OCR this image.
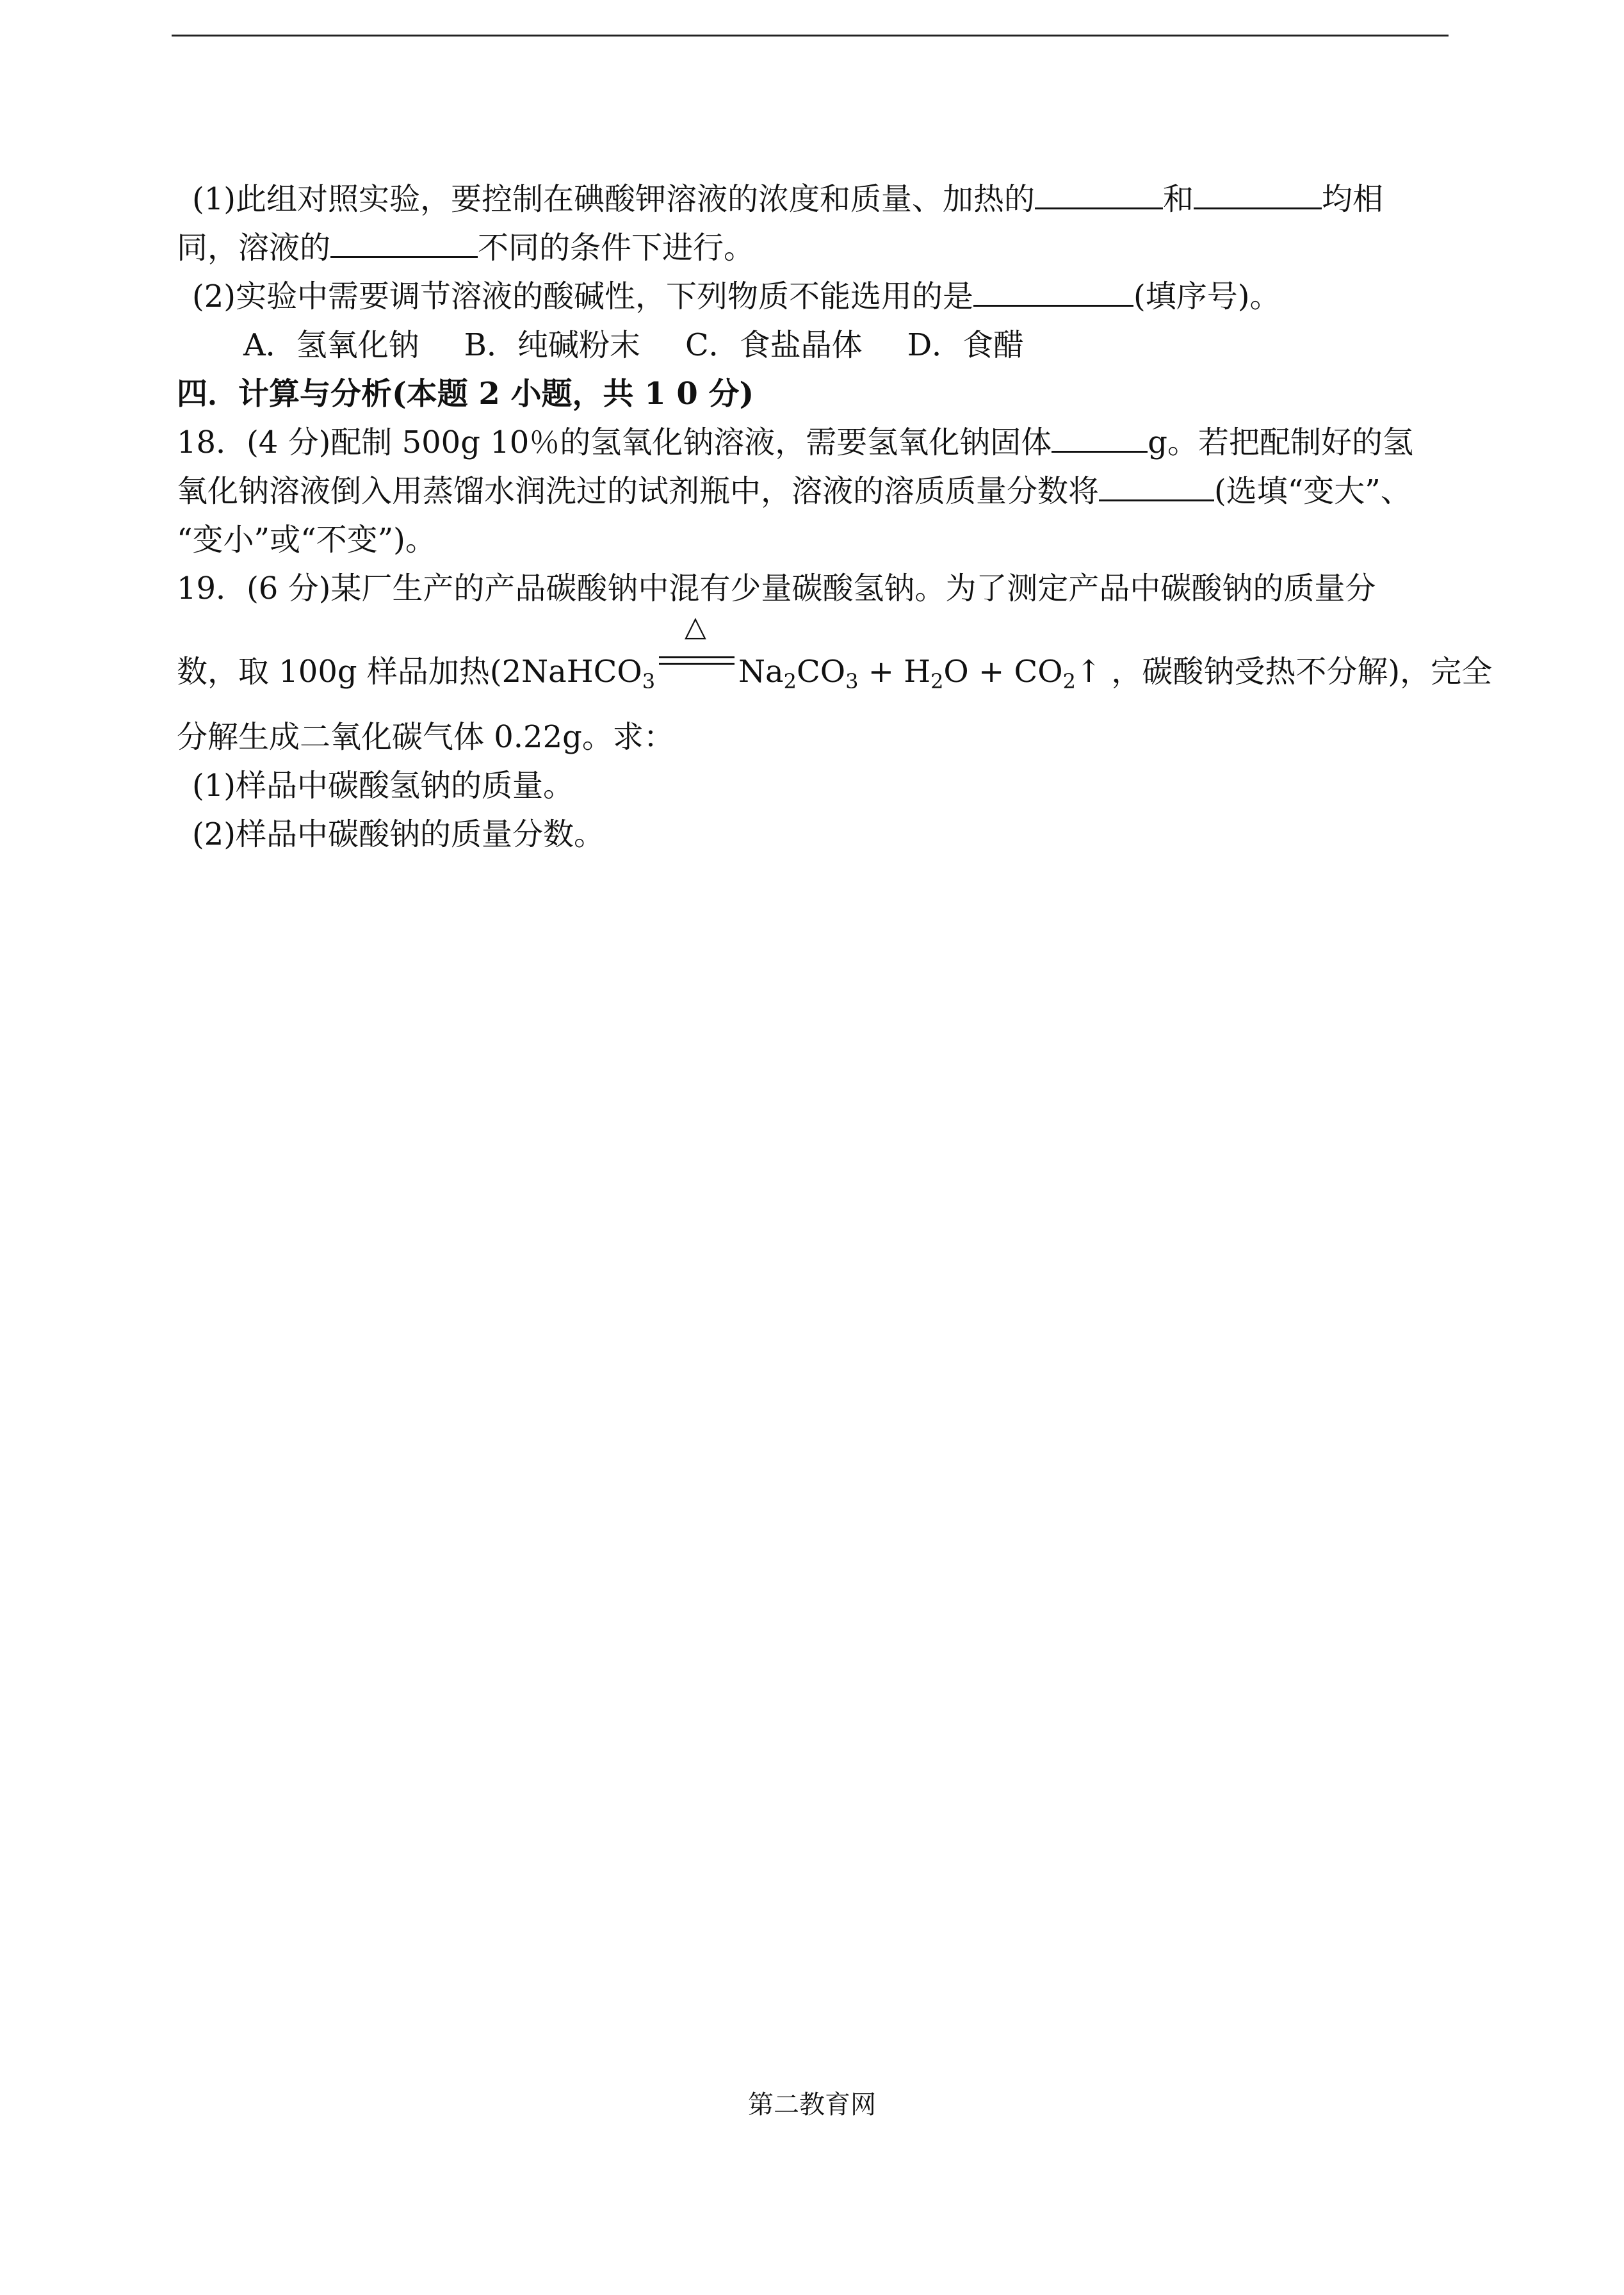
(1)此组对照实验，要控制在碘酸钾溶液的浓度和质量、加热的	和	均相
同，溶液的	不同的条件下进行。
(2)实验中需要调节溶液的酸碱性，下列物质不能选用的是	(填序号)。
A．氢氧化钠 B．纯碱粉末 C．食盐晶体 D．食醋
四．计算与分析(本题 2 小题，共 1 0 分)
18．(4 分)配制 500g 10％的氢氧化钠溶液，需要氢氧化钠固体	g。若把配制好的氢
氧化钠溶液倒入用蒸馏水润洗过的试剂瓶中，溶液的溶质质量分数将	(选填“变大”、
“变小”或“不变”)。
19．(6 分)某厂生产的产品碳酸钠中混有少量碳酸氢钠。为了测定产品中碳酸钠的质量分
数，取 100g 样品加热(2NaHCO$_3$
△
$Na_2CO_3 + H_2O$ + $CO_2↑$ ，碳酸钠受热不分解)，完全
分解生成二氧化碳气体 0.22g。求：
(1)样品中碳酸氢钠的质量。
(2)样品中碳酸钠的质量分数。
第二教育网
